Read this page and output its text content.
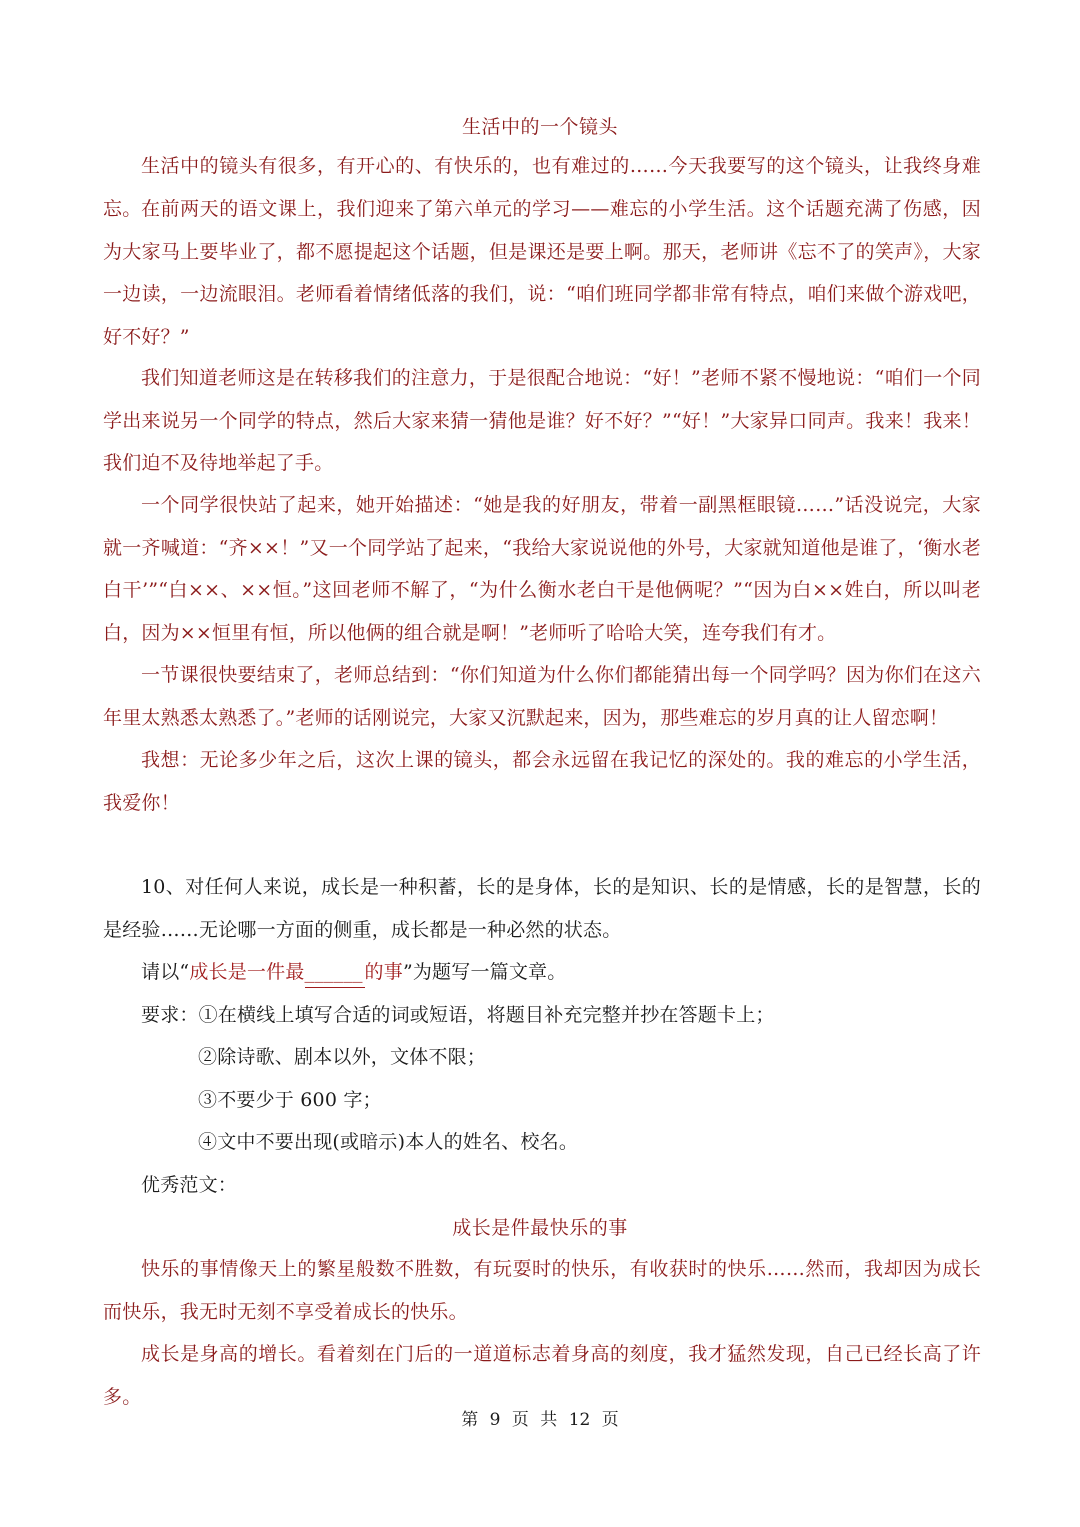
生活中的一个镜头
生活中的镜头有很多，有开心的、有快乐的，也有难过的……今天我要写的这个镜头，让我终身难忘。 在前两天的语文课上，我们迎来了第六单元的学习——难忘的小学生活。这个话题充满了伤感，因为大家马上要毕业了，都不愿提起这个话题，但是课还是要上啊。那天，老师讲《忘不了的笑声》，大家一边读，一边流眼泪。老师看着情绪低落的我们，说：“咱们班同学都非常有特点，咱们来做个游戏吧，好不好？”
我们知道老师这是在转移我们的注意力，于是很配合地说：“好！”老师不紧不慢地说：“咱们一个同学出来说另一个同学的特点，然后大家来猜一猜他是谁？好不好？”“好！”大家异口同声。我来！我来！我们迫不及待地举起了手。
一个同学很快站了起来，她开始描述：“她是我的好朋友，带着一副黑框眼镜……”话没说完，大家就一齐喊道：“齐××！”又一个同学站了起来，“我给大家说说他的外号，大家就知道他是谁了，‘衡水老白干’”“白××、××恒。”这回老师不解了，“为什么衡水老白干是他俩呢？”“因为白××姓白，所以叫老白，因为××恒里有恒，所以他俩的组合就是啊！”老师听了哈哈大笑，连夸我们有才。
一节课很快要结束了，老师总结到：“你们知道为什么你们都能猜出每一个同学吗？因为你们在这六年里太熟悉太熟悉了。”老师的话刚说完，大家又沉默起来，因为，那些难忘的岁月真的让人留恋啊！
我想：无论多少年之后，这次上课的镜头，都会永远留在我记忆的深处的。我的难忘的小学生活，我爱你！
10、对任何人来说，成长是一种积蓄，长的是身体，长的是知识、长的是情感，长的是智慧，长的是经验……无论哪一方面的侧重，成长都是一种必然的状态。
请以“成长是一件最______的事”为题写一篇文章。
要求：①在横线上填写合适的词或短语，将题目补充完整并抄在答题卡上；
②除诗歌、剧本以外，文体不限；
③不要少于 600 字；
④文中不要出现(或暗示)本人的姓名、校名。
优秀范文：
成长是件最快乐的事
快乐的事情像天上的繁星般数不胜数，有玩耍时的快乐，有收获时的快乐……然而，我却因为成长而快乐，我无时无刻不享受着成长的快乐。
成长是身高的增长。看着刻在门后的一道道标志着身高的刻度，我才猛然发现，自己已经长高了许多。
第 9 页 共 12 页
